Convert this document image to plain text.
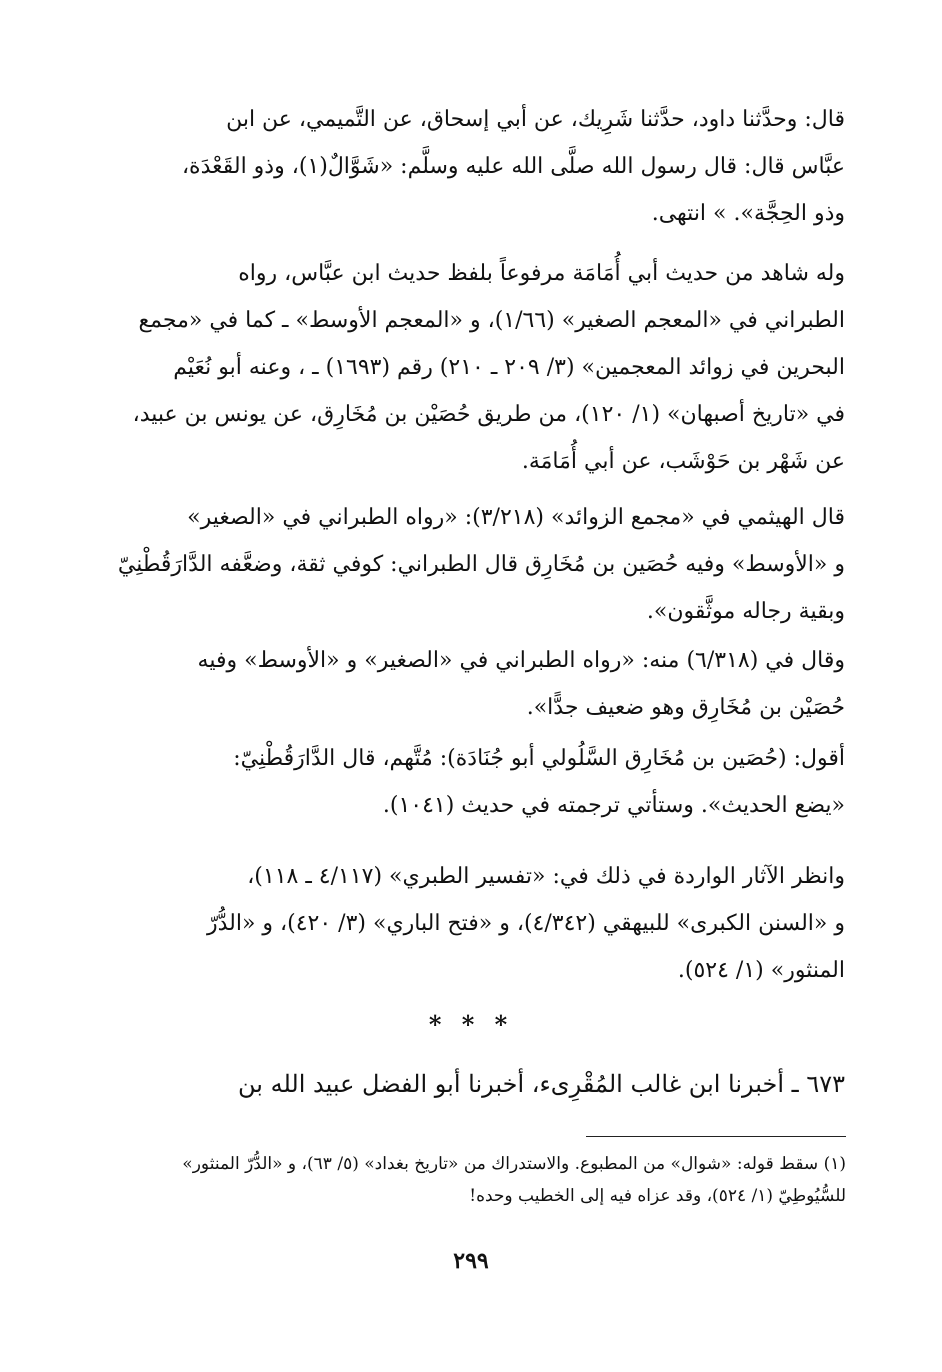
قال: وحدَّثنا داود، حدَّثنا شَرِيك، عن أبي إسحاق، عن التَّميمي، عن ابن
عبَّاس قال: قال رسول الله صلَّى الله عليه وسلَّم: «شَوَّالٌ(١)، وذو القَعْدَة،
وذو الحِجَّة». » انتهى.
وله شاهد من حديث أبي أُمَامَة مرفوعاً بلفظ حديث ابن عبَّاس، رواه
الطبراني في «المعجم الصغير» (١/٦٦)، و «المعجم الأوسط» ـ كما في «مجمع
البحرين في زوائد المعجمين» (٣/ ٢٠٩ ـ ٢١٠) رقم (١٦٩٣) ـ ، وعنه أبو نُعَيْم
في «تاريخ أصبهان» (١/ ١٢٠)، من طريق حُصَيْن بن مُخَارِق، عن يونس بن عبيد،
عن شَهْر بن حَوْشَب، عن أبي أُمَامَة.
قال الهيثمي في «مجمع الزوائد» (٣/٢١٨): «رواه الطبراني في «الصغير»
و «الأوسط» وفيه حُصَين بن مُخَارِق قال الطبراني: كوفي ثقة، وضعَّفه الدَّارَقُطْنِيّ
وبقية رجاله موثَّقون».
وقال في (٦/٣١٨) منه: «رواه الطبراني في «الصغير» و «الأوسط» وفيه
حُصَيْن بن مُخَارِق وهو ضعيف جدًّا».
أقول: (حُصَين بن مُخَارِق السَّلُولي أبو جُنَادَة): مُتَّهم، قال الدَّارَقُطْنِيّ:
«يضع الحديث». وستأتي ترجمته في حديث (١٠٤١).
وانظر الآثار الواردة في ذلك في: «تفسير الطبري» (٤/١١٧ ـ ١١٨)،
و «السنن الكبرى» للبيهقي (٤/٣٤٢)، و «فتح الباري» (٣/ ٤٢٠)، و «الدُّرّ
المنثور» (١/ ٥٢٤).
* * *
٦٧٣ ـ أخبرنا ابن غالب المُقْرِىء، أخبرنا أبو الفضل عبيد الله بن
(١) سقط قوله: «شوال» من المطبوع. والاستدراك من «تاريخ بغداد» (٥/ ٦٣)، و «الدُّرّ المنثور»
للسُّيُوطِيّ (١/ ٥٢٤)، وقد عزاه فيه إلى الخطيب وحده!
٢٩٩
